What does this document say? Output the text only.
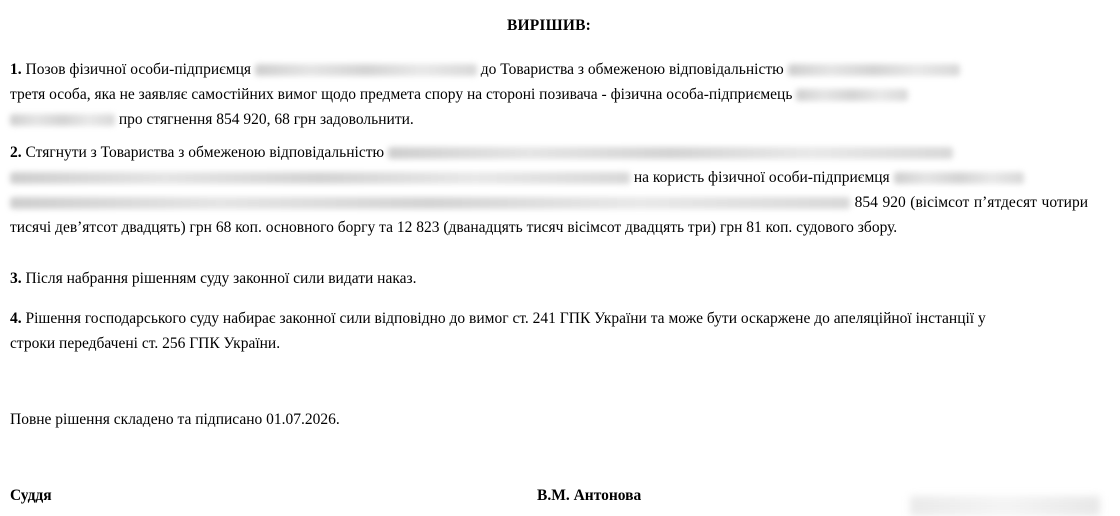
ВИРІШИВ:

1. Позов фізичної особи-підприємця	до Товариства з обмеженою відповідальністю
третя особа, яка не заявляє самостійних вимог щодо предмета спору на стороні позивача - фізична особа-підприємець
про стягнення 854 920, 68 грн задовольнити.

2. Стягнути з Товариства з обмеженою відповідальністю
на користь фізичної особи-підприємця
854 920 (вісімсот п’ятдесят чотири тисячі дев’ятсот двадцять) грн 68 коп. основного боргу та 12 823 (дванадцять тисяч вісімсот двадцять три) грн 81 коп. судового збору.

3. Після набрання рішенням суду законної сили видати наказ.

4. Рішення господарського суду набирає законної сили відповідно до вимог ст. 241 ГПК України та може бути оскаржене до апеляційної інстанції у строки передбачені ст. 256 ГПК України.

Повне рішення складено та підписано 01.07.2026.

Суддя	В.М. Антонова
